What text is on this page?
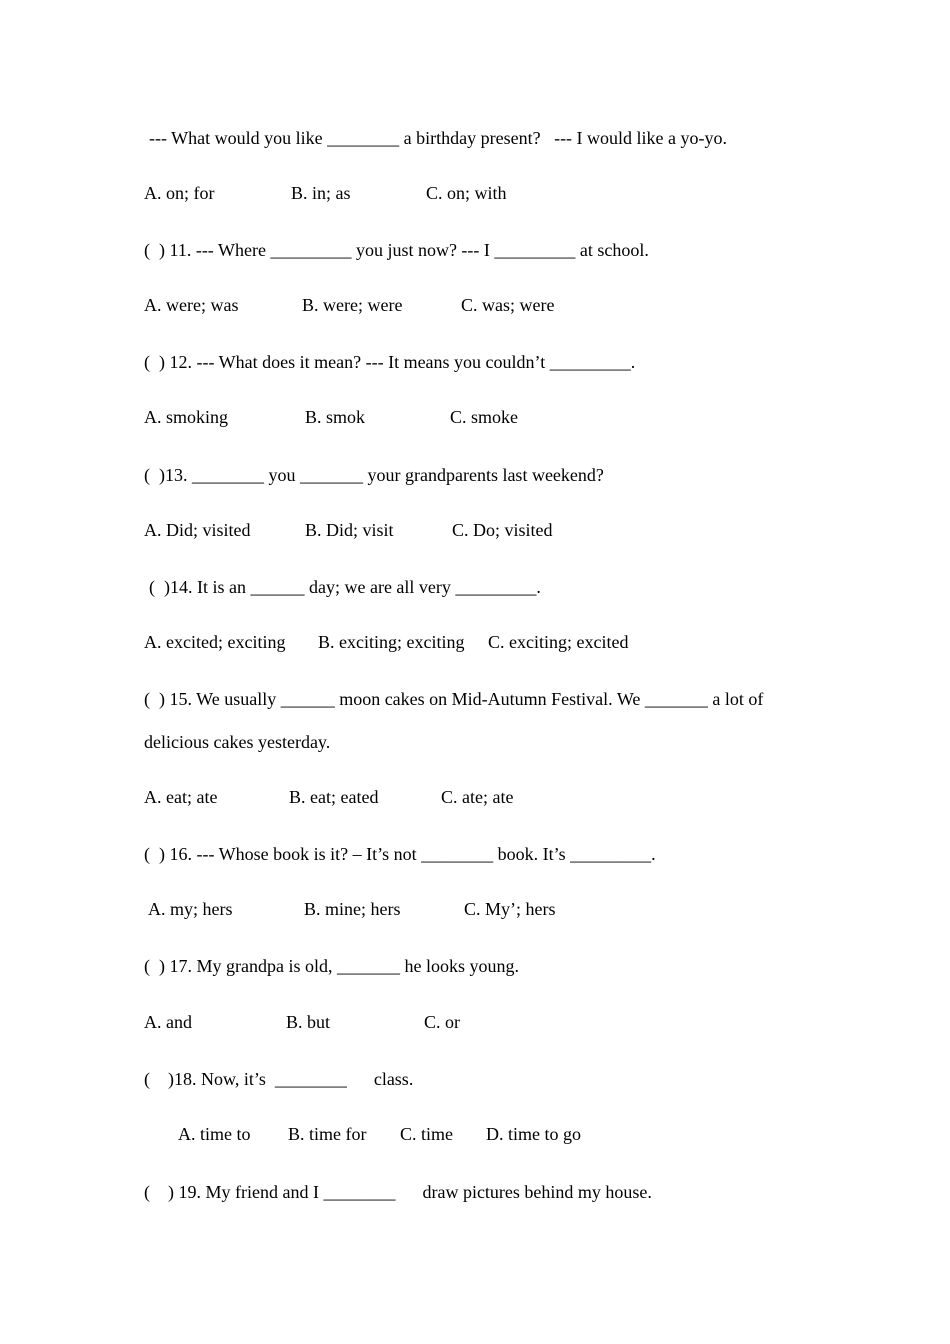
--- What would you like ________ a birthday present?   --- I would like a yo-yo.
A. on; for	B. in; as	C. on; with
(  ) 11. --- Where _________ you just now? --- I _________ at school.
A. were; was	B. were; were	C. was; were
(  ) 12. --- What does it mean? --- It means you couldn’t _________.
A. smoking	B. smok	C. smoke
(  )13. ________ you _______ your grandparents last weekend?
A. Did; visited	B. Did; visit	C. Do; visited
(  )14. It is an ______ day; we are all very _________.
A. excited; exciting B. exciting; exciting C. exciting; excited
(  ) 15. We usually ______ moon cakes on Mid-Autumn Festival. We _______ a lot of
delicious cakes yesterday.
A. eat; ate	B. eat; eated	C. ate; ate
(  ) 16. --- Whose book is it? – It’s not ________ book. It’s _________.
A. my; hers	B. mine; hers	C. My’; hers
(  ) 17. My grandpa is old, _______ he looks young.
A. and	B. but	C. or
(    )18. Now, it’s  ________      class.
A. time to B. time for C. time D. time to go
(    ) 19. My friend and I ________      draw pictures behind my house.
